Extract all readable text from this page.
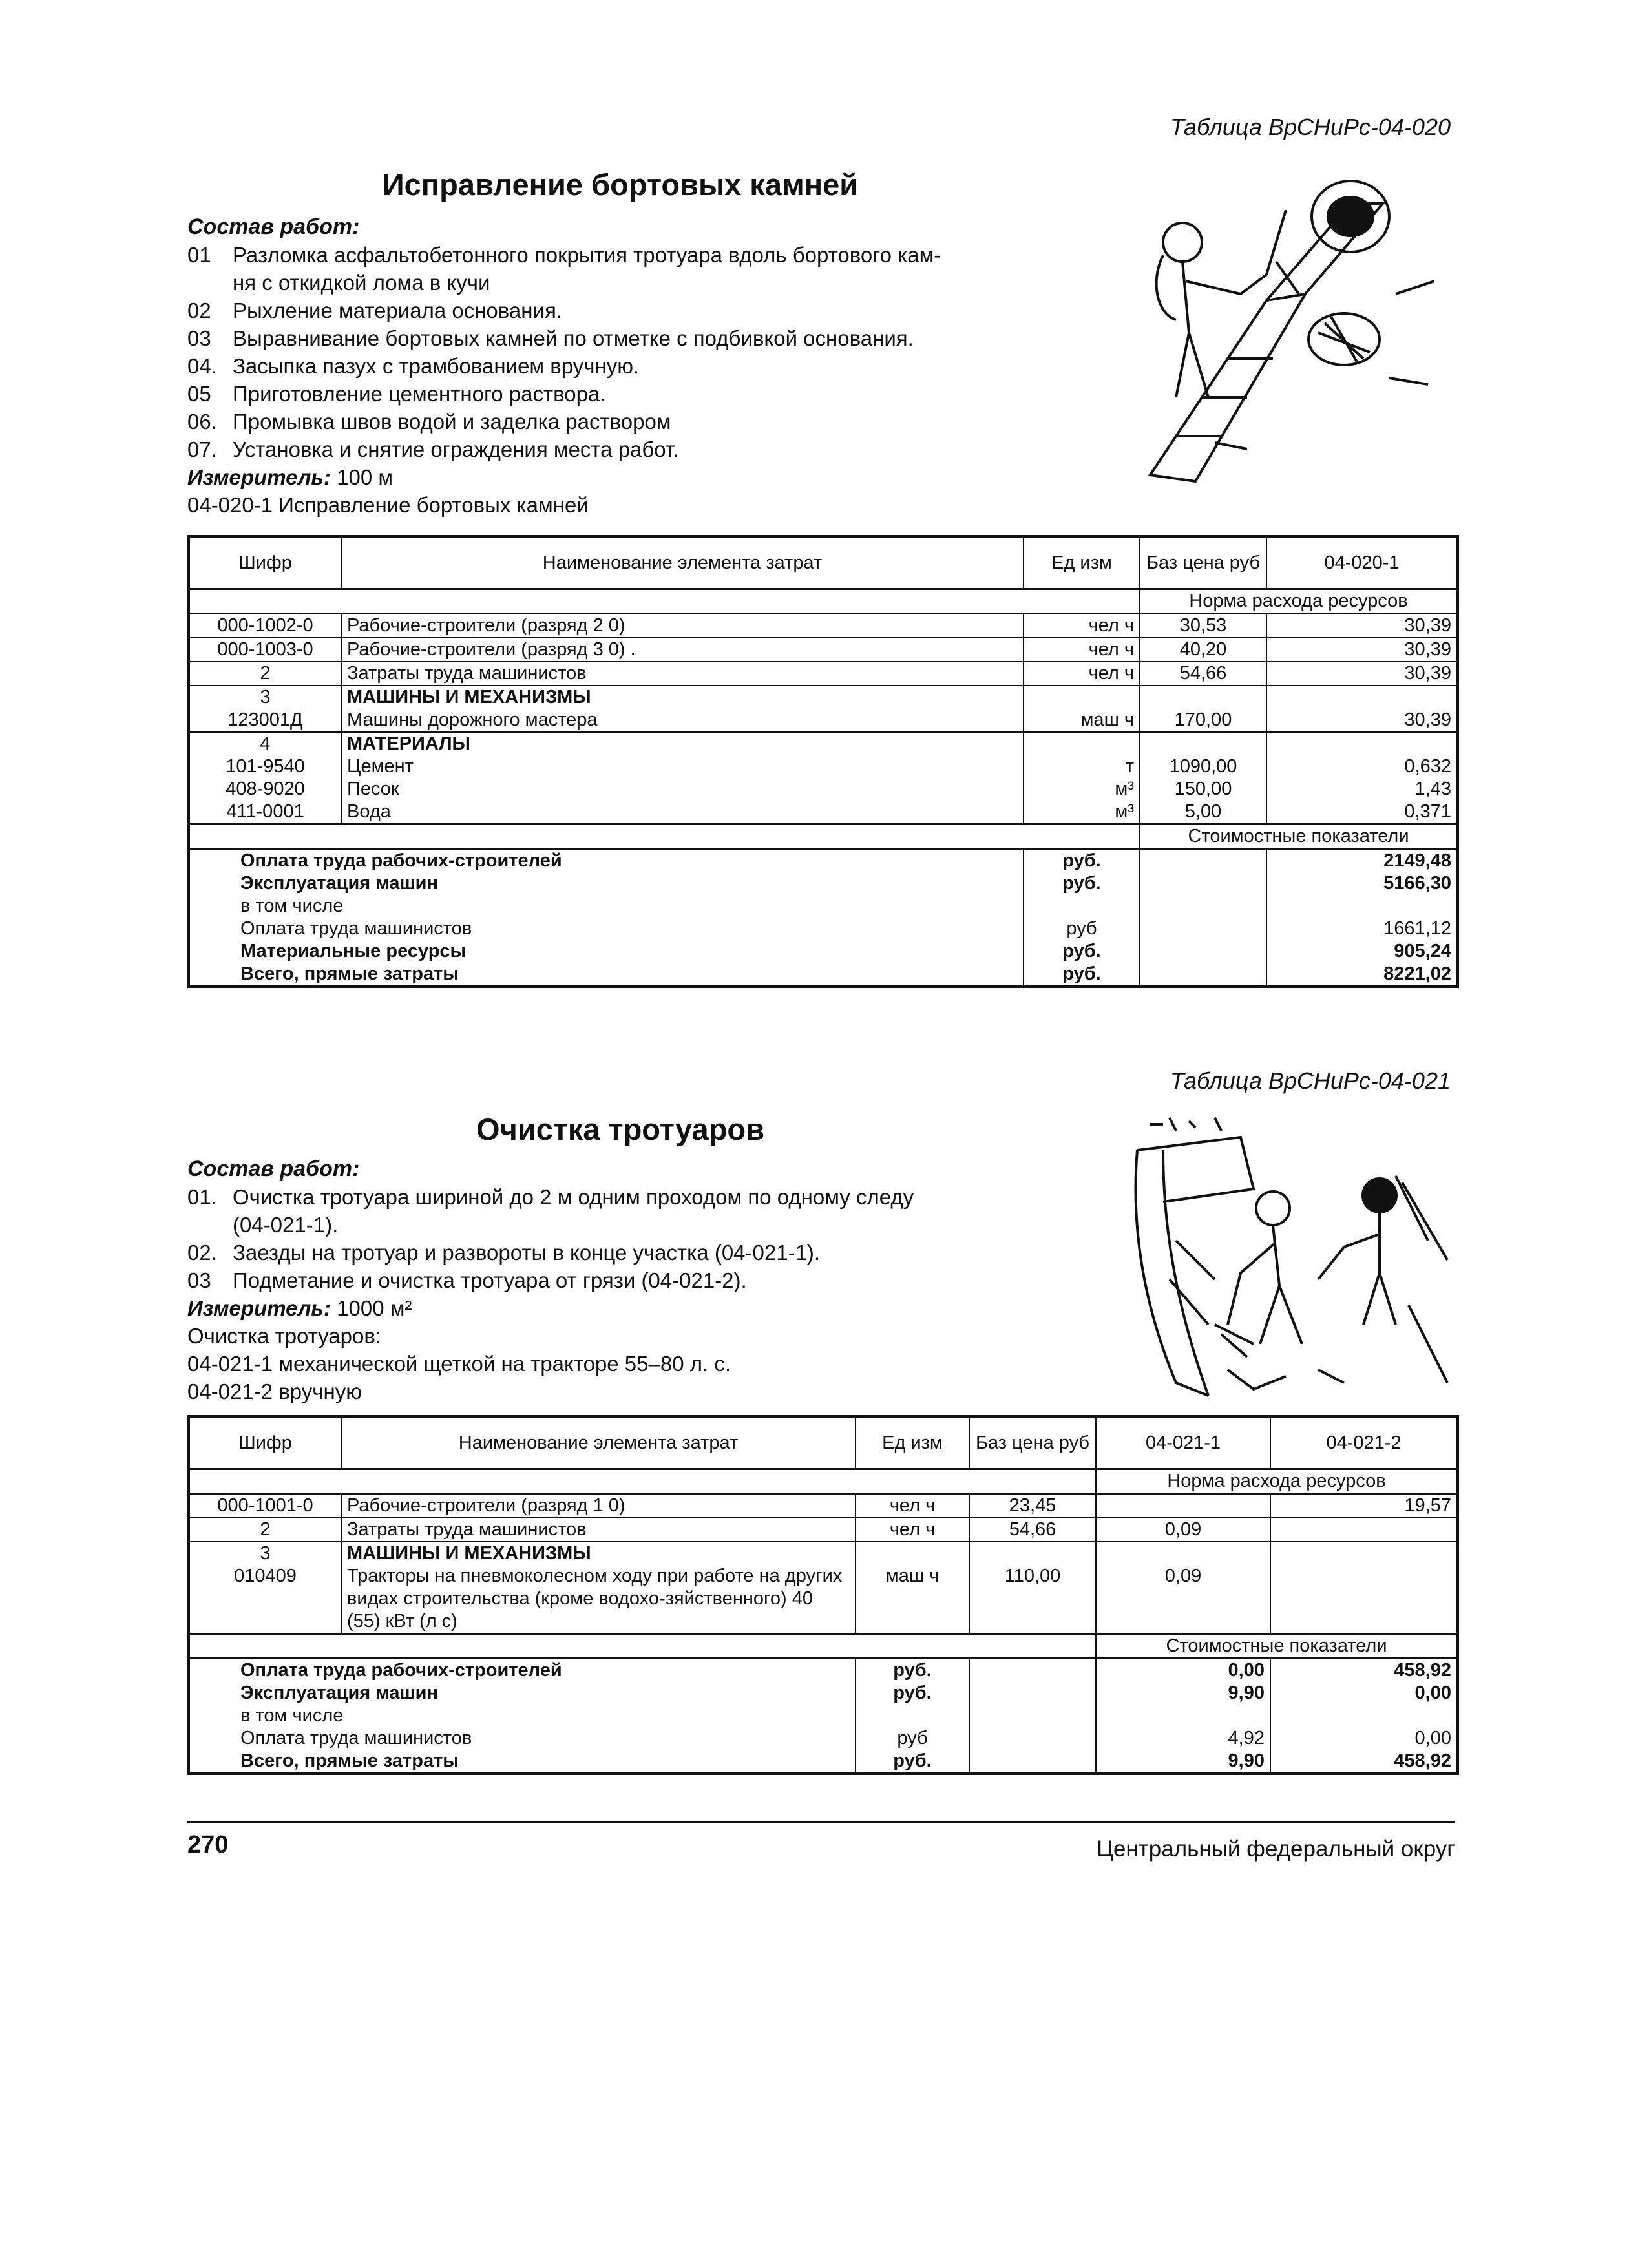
Таблица ВрСНиРс-04-020
Исправление бортовых камней
Состав работ:
01	Разломка асфальтобетонного покрытия тротуара вдоль бортового кам-
ня с откидкой лома в кучи
02	Рыхление материала основания.
03	Выравнивание бортовых камней по отметке с подбивкой основания.
04. Засыпка пазух с трамбованием вручную.
05	Приготовление цементного раствора.
06. Промывка швов водой и заделка раствором
07. Установка и снятие ограждения места работ.
Измеритель: 100 м
04-020-1 Исправление бортовых камней
Шифр	Наименование элемента затрат	Ед изм	Баз цена руб	04-020-1
			Норма расхода ресурсов	
000-1002-0	Рабочие-строители (разряд 2 0)	чел ч	30,53	30,39
000-1003-0	Рабочие-строители (разряд 3 0) .	чел ч	40,20	30,39
2	Затраты труда машинистов	чел ч	54,66	30,39
3	МАШИНЫ И МЕХАНИЗМЫ			
123001Д	Машины дорожного мастера	маш ч	170,00	30,39
4	МАТЕРИАЛЫ			
101-9540	Цемент	т	1090,00	0,632
408-9020	Песок	м³	150,00	1,43
411-0001	Вода	м³	5,00	0,371
			Стоимостные показатели	
Оплата труда рабочих-строителей		руб.		2149,48
Эксплуатация машин		руб.		5166,30
в том числе				
Оплата труда машинистов		руб		1661,12
Материальные ресурсы		руб.		905,24
Всего, прямые затраты		руб.		8221,02
Таблица ВрСНиРс-04-021
Очистка тротуаров
Состав работ:
01. Очистка тротуара шириной до 2 м одним проходом по одному следу
(04-021-1).
02. Заезды на тротуар и развороты в конце участка (04-021-1).
03	Подметание и очистка тротуара от грязи (04-021-2).
Измеритель: 1000 м²
Очистка тротуаров:
04-021-1 механической щеткой на тракторе 55–80 л. с.
04-021-2 вручную
Шифр	Наименование элемента затрат	Ед изм	Баз цена руб	04-021-1	04-021-2
				Норма расхода ресурсов	
000-1001-0	Рабочие-строители (разряд 1 0)	чел ч	23,45		19,57
2	Затраты труда машинистов	чел ч	54,66	0,09	
3	МАШИНЫ И МЕХАНИЗМЫ				
010409	Тракторы на пневмоколесном ходу при работе на других видах строительства (кроме водохо-зяйственного) 40 (55) кВт (л с)	маш ч	110,00	0,09	
				Стоимостные показатели	
Оплата труда рабочих-строителей		руб.		0,00	458,92
Эксплуатация машин		руб.		9,90	0,00
в том числе					
Оплата труда машинистов		руб		4,92	0,00
Всего, прямые затраты		руб.		9,90	458,92
270	Центральный федеральный округ
